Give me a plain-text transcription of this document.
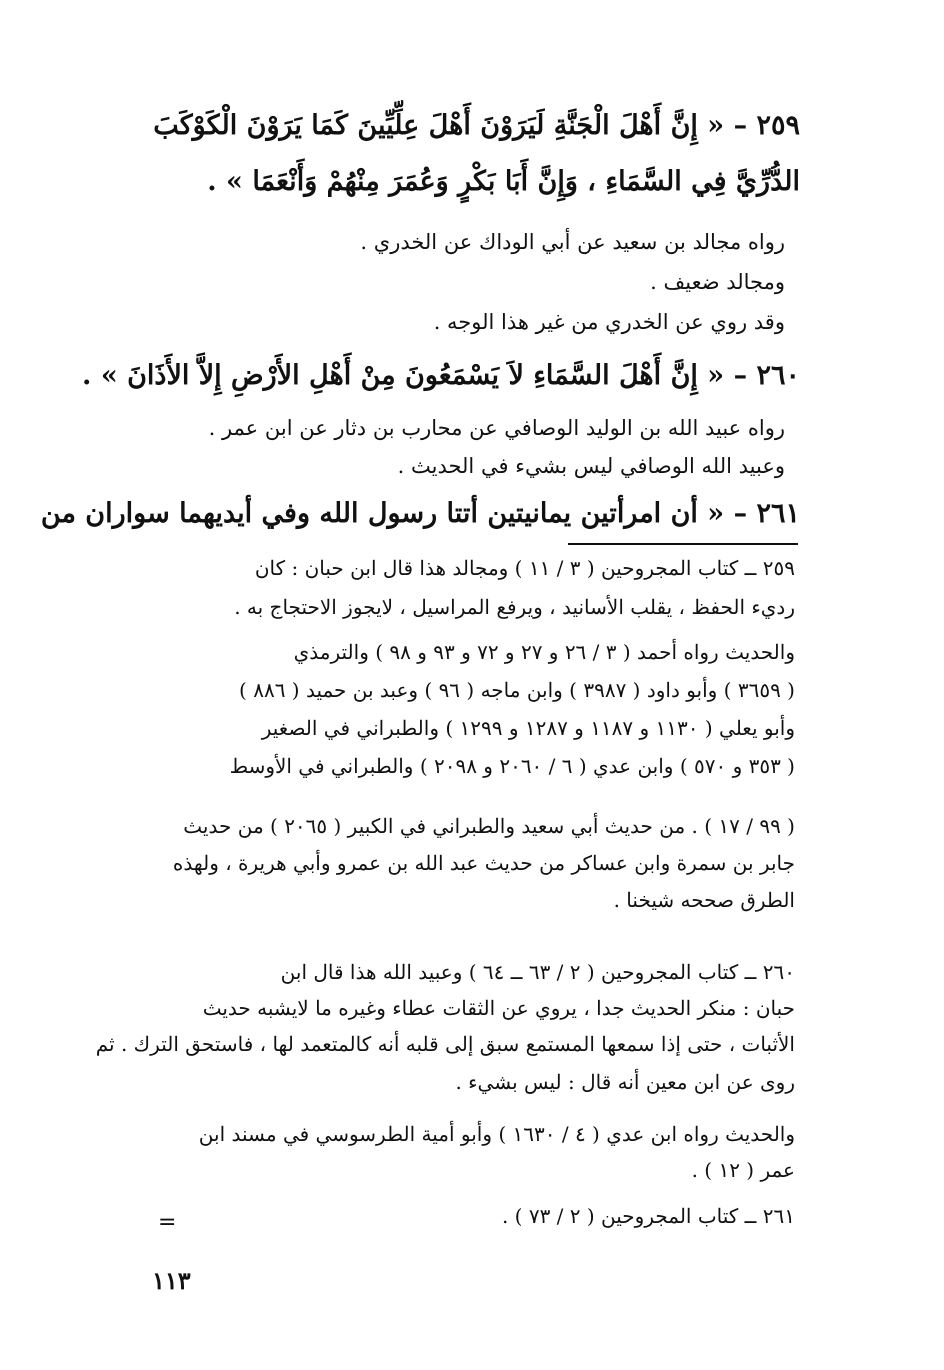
٢٥٩ – « إِنَّ أَهْلَ الْجَنَّةِ لَيَرَوْنَ أَهْلَ عِلِّيِّينَ كَمَا يَرَوْنَ الْكَوْكَبَ
الدُّرِّيَّ فِي السَّمَاءِ ، وَإِنَّ أَبَا بَكْرٍ وَعُمَرَ مِنْهُمْ وَأَنْعَمَا » .
رواه مجالد بن سعيد عن أبي الوداك عن الخدري .
ومجالد ضعيف .
وقد روي عن الخدري من غير هذا الوجه .
٢٦٠ – « إِنَّ أَهْلَ السَّمَاءِ لاَ يَسْمَعُونَ مِنْ أَهْلِ الأَرْضِ إِلاَّ الأَذَانَ » .
رواه عبيد الله بن الوليد الوصافي عن محارب بن دثار عن ابن عمر .
وعبيد الله الوصافي ليس بشيء في الحديث .
٢٦١ – « أن امرأتين يمانيتين أتتا رسول الله وفي أيديهما سواران من
٢٥٩ ــ كتاب المجروحين ( ٣ / ١١ ) ومجالد هذا قال ابن حبان : كان
رديء الحفظ ، يقلب الأسانيد ، ويرفع المراسيل ، لايجوز الاحتجاج به .
والحديث رواه أحمد ( ٣ / ٢٦ و ٢٧ و ٧٢ و ٩٣ و ٩٨ ) والترمذي
( ٣٦٥٩ ) وأبو داود ( ٣٩٨٧ ) وابن ماجه ( ٩٦ ) وعبد بن حميد ( ٨٨٦ )
وأبو يعلي ( ١١٣٠ و ١١٨٧ و ١٢٨٧ و ١٢٩٩ ) والطبراني في الصغير
( ٣٥٣ و ٥٧٠ ) وابن عدي ( ٦ / ٢٠٦٠ و ٢٠٩٨ ) والطبراني في الأوسط
( ٩٩ / ١٧ ) . من حديث أبي سعيد والطبراني في الكبير ( ٢٠٦٥ ) من حديث
جابر بن سمرة وابن عساكر من حديث عبد الله بن عمرو وأبي هريرة ، ولهذه
الطرق صححه شيخنا .
٢٦٠ ــ كتاب المجروحين ( ٢ / ٦٣ ــ ٦٤ ) وعبيد الله هذا قال ابن
حبان : منكر الحديث جدا ، يروي عن الثقات عطاء وغيره ما لايشبه حديث
الأثبات ، حتى إذا سمعها المستمع سبق إلى قلبه أنه كالمتعمد لها ، فاستحق الترك . ثم
روى عن ابن معين أنه قال : ليس بشيء .
والحديث رواه ابن عدي ( ٤ / ١٦٣٠ ) وأبو أمية الطرسوسي في مسند ابن
عمر ( ١٢ ) .
٢٦١ ــ كتاب المجروحين ( ٢ / ٧٣ ) .
=
١١٣
